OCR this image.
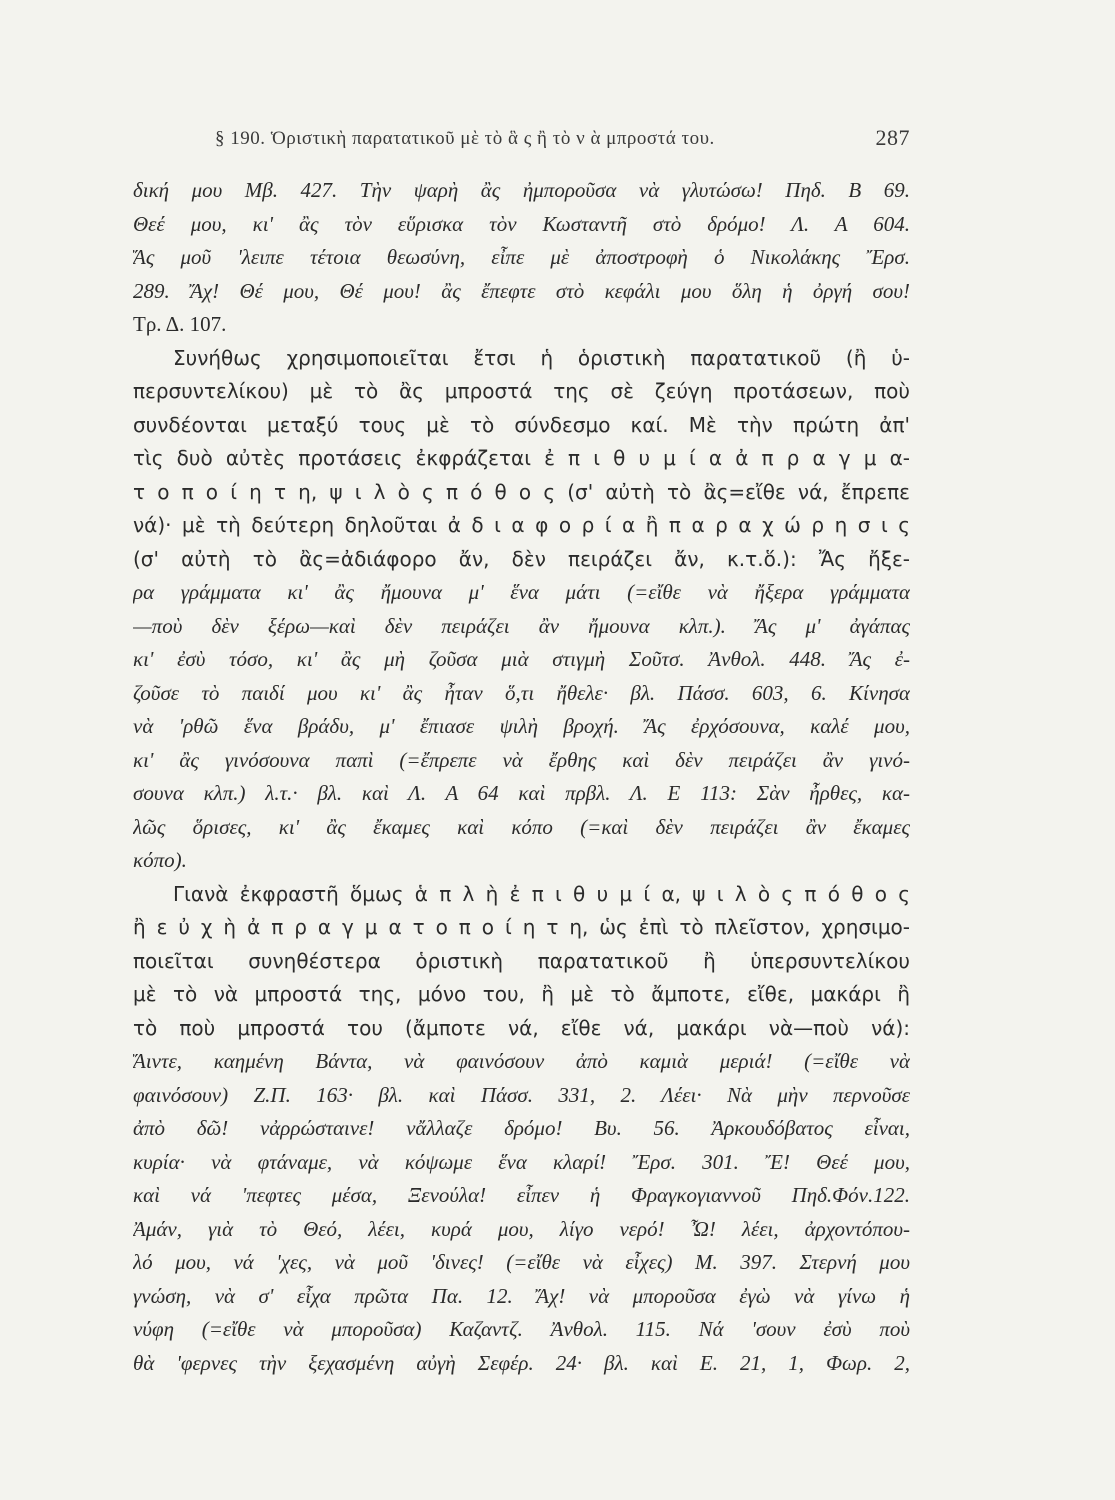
§ 190. Ὁριστικὴ παρατατικοῦ μὲ τὸ ἃ ς ἢ τὸ ν ὰ μπροστά του.	287
δική μου Μβ. 427. Τὴν ψαρὴ ἂς ἠμποροῦσα νὰ γλυτώσω! Πηδ. Β 69.
Θεέ μου, κι' ἂς τὸν εὕρισκα τὸν Κωσταντῆ στὸ δρόμο! Λ. Α 604.
Ἄς μοῦ 'λειπε τέτοια θεωσύνη, εἶπε μὲ ἀποστροφὴ ὁ Νικολάκης Ἔρσ.
289. Ἄχ! Θέ μου, Θέ μου! ἂς ἔπεφτε στὸ κεφάλι μου ὅλη ἡ ὀργή σου!
Τρ. Δ. 107.
Συνήθως χρησιμοποιεῖται ἔτσι ἡ ὁριστικὴ παρατατικοῦ (ἢ ὑ-
περσυντελίκου) μὲ τὸ ἂς μπροστά της σὲ ζεύγη προτάσεων, ποὺ
συνδέονται μεταξύ τους μὲ τὸ σύνδεσμο καί. Μὲ τὴν πρώτη ἀπ'
τὶς δυὸ αὐτὲς προτάσεις ἐκφράζεται ἐ π ι θ υ μ ί α ἀ π ρ α γ μ α-
τ ο π ο ί η τ η, ψ ι λ ὸ ς π ό θ ο ς (σ' αὐτὴ τὸ ἂς=εἴθε νά, ἔπρεπε
νά)· μὲ τὴ δεύτερη δηλοῦται ἀ δ ι α φ ο ρ ί α ἢ π α ρ α χ ώ ρ η σ ι ς
(σ' αὐτὴ τὸ ἂς=ἀδιάφορο ἄν, δὲν πειράζει ἄν, κ.τ.ὅ.): Ἄς ἤξε-
ρα γράμματα κι' ἂς ἤμουνα μ' ἕνα μάτι (=εἴθε νὰ ἤξερα γράμματα
—ποὺ δὲν ξέρω—καὶ δὲν πειράζει ἂν ἤμουνα κλπ.). Ἄς μ' ἀγάπας
κι' ἐσὺ τόσο, κι' ἂς μὴ ζοῦσα μιὰ στιγμὴ Σοῦτσ. Ἀνθολ. 448. Ἄς ἐ-
ζοῦσε τὸ παιδί μου κι' ἂς ἦταν ὅ,τι ἤθελε· βλ. Πάσσ. 603, 6. Κίνησα
νὰ 'ρθῶ ἕνα βράδυ, μ' ἔπιασε ψιλὴ βροχή. Ἄς ἐρχόσουνα, καλέ μου,
κι' ἂς γινόσουνα παπὶ (=ἔπρεπε νὰ ἔρθης καὶ δὲν πειράζει ἂν γινό-
σουνα κλπ.) λ.τ.· βλ. καὶ Λ. Α 64 καὶ πρβλ. Λ. Ε 113: Σὰν ἦρθες, κα-
λῶς ὅρισες, κι' ἂς ἔκαμες καὶ κόπο (=καὶ δὲν πειράζει ἂν ἔκαμες
κόπο).
Γιανὰ ἐκφραστῆ ὅμως ἁ π λ ὴ ἐ π ι θ υ μ ί α, ψ ι λ ὸ ς π ό θ ο ς
ἢ ε ὐ χ ὴ ἀ π ρ α γ μ α τ ο π ο ί η τ η, ὡς ἐπὶ τὸ πλεῖστον, χρησιμο-
ποιεῖται συνηθέστερα ὁριστικὴ παρατατικοῦ ἢ ὑπερσυντελίκου
μὲ τὸ νὰ μπροστά της, μόνο του, ἢ μὲ τὸ ἄμποτε, εἴθε, μακάρι ἢ
τὸ ποὺ μπροστά του (ἄμποτε νά, εἴθε νά, μακάρι νὰ—ποὺ νά):
Ἄιντε, καημένη Βάντα, νὰ φαινόσουν ἀπὸ καμιὰ μεριά! (=εἴθε νὰ
φαινόσουν) Ζ.Π. 163· βλ. καὶ Πάσσ. 331, 2. Λέει· Νὰ μὴν περνοῦσε
ἀπὸ δῶ! νἀρρώσταινε! νἄλλαζε δρόμο! Βυ. 56. Ἀρκουδόβατος εἶναι,
κυρία· νὰ φτάναμε, νὰ κόψωμε ἕνα κλαρί! Ἔρσ. 301. Ἔ! Θεέ μου,
καὶ νά 'πεφτες μέσα, Ξενούλα! εἶπεν ἡ Φραγκογιαννοῦ Πηδ.Φόν.122.
Ἀμάν, γιὰ τὸ Θεό, λέει, κυρά μου, λίγο νερό! Ὦ! λέει, ἀρχοντόπου-
λό μου, νά 'χες, νὰ μοῦ 'δινες! (=εἴθε νὰ εἶχες) Μ. 397. Στερνή μου
γνώση, νὰ σ' εἶχα πρῶτα Πα. 12. Ἄχ! νὰ μποροῦσα ἐγὼ νὰ γίνω ἡ
νύφη (=εἴθε νὰ μποροῦσα) Καζαντζ. Ἀνθολ. 115. Νά 'σουν ἐσὺ ποὺ
θὰ 'φερνες τὴν ξεχασμένη αὐγὴ Σεφέρ. 24· βλ. καὶ Ε. 21, 1, Φωρ. 2,
